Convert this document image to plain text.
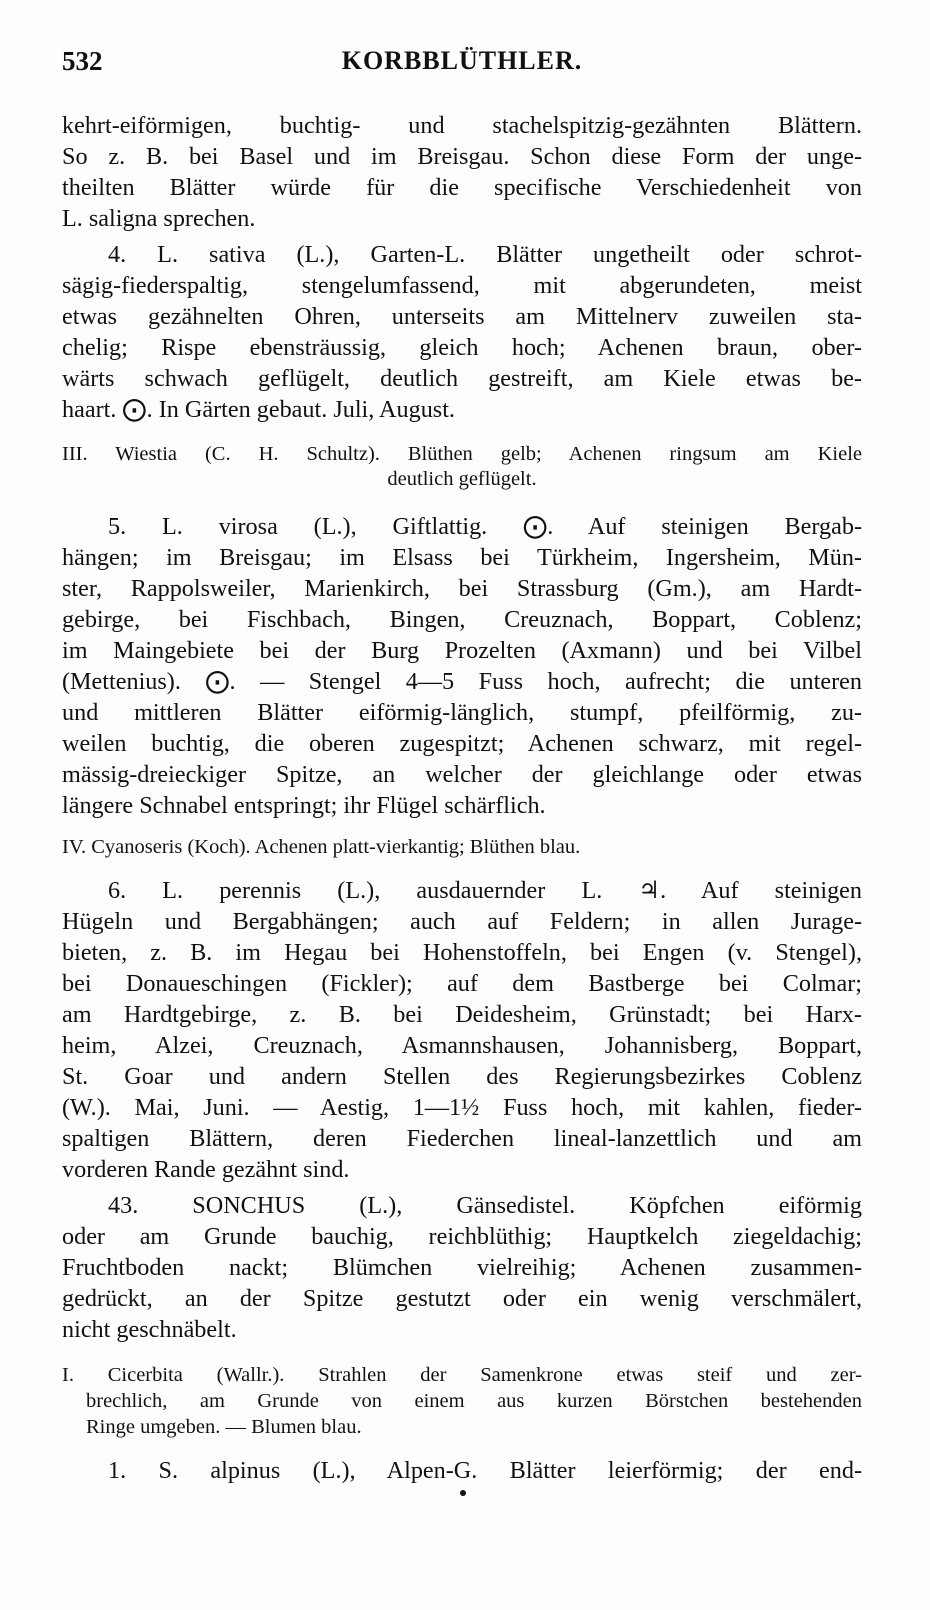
532	KORBBLÜTHLER.
kehrt-eiförmigen, buchtig- und stachelspitzig-gezähnten Blättern.
So z. B. bei Basel und im Breisgau. Schon diese Form der unge-
theilten Blätter würde für die specifische Verschiedenheit von
L. saligna sprechen.
4. L. sativa (L.), Garten-L. Blätter ungetheilt oder schrot-
sägig-fiederspaltig, stengelumfassend, mit abgerundeten, meist
etwas gezähnelten Ohren, unterseits am Mittelnerv zuweilen sta-
chelig; Rispe ebensträussig, gleich hoch; Achenen braun, ober-
wärts schwach geflügelt, deutlich gestreift, am Kiele etwas be-
haart. ⨀. In Gärten gebaut. Juli, August.
III. Wiestia (C. H. Schultz). Blüthen gelb; Achenen ringsum am Kiele
deutlich geflügelt.
5. L. virosa (L.), Giftlattig. ⨀. Auf steinigen Bergab-
hängen; im Breisgau; im Elsass bei Türkheim, Ingersheim, Mün-
ster, Rappolsweiler, Marienkirch, bei Strassburg (Gm.), am Hardt-
gebirge, bei Fischbach, Bingen, Creuznach, Boppart, Coblenz;
im Maingebiete bei der Burg Prozelten (Axmann) und bei Vilbel
(Mettenius). ⨀. — Stengel 4—5 Fuss hoch, aufrecht; die unteren
und mittleren Blätter eiförmig-länglich, stumpf, pfeilförmig, zu-
weilen buchtig, die oberen zugespitzt; Achenen schwarz, mit regel-
mässig-dreieckiger Spitze, an welcher der gleichlange oder etwas
längere Schnabel entspringt; ihr Flügel schärflich.
IV. Cyanoseris (Koch). Achenen platt-vierkantig; Blüthen blau.
6. L. perennis (L.), ausdauernder L. ♃. Auf steinigen
Hügeln und Bergabhängen; auch auf Feldern; in allen Jurage-
bieten, z. B. im Hegau bei Hohenstoffeln, bei Engen (v. Stengel),
bei Donaueschingen (Fickler); auf dem Bastberge bei Colmar;
am Hardtgebirge, z. B. bei Deidesheim, Grünstadt; bei Harx-
heim, Alzei, Creuznach, Asmannshausen, Johannisberg, Boppart,
St. Goar und andern Stellen des Regierungsbezirkes Coblenz
(W.). Mai, Juni. — Aestig, 1—1½ Fuss hoch, mit kahlen, fieder-
spaltigen Blättern, deren Fiederchen lineal-lanzettlich und am
vorderen Rande gezähnt sind.
43. SONCHUS (L.), Gänsedistel. Köpfchen eiförmig
oder am Grunde bauchig, reichblüthig; Hauptkelch ziegeldachig;
Fruchtboden nackt; Blümchen vielreihig; Achenen zusammen-
gedrückt, an der Spitze gestutzt oder ein wenig verschmälert,
nicht geschnäbelt.
I. Cicerbita (Wallr.). Strahlen der Samenkrone etwas steif und zer-
brechlich, am Grunde von einem aus kurzen Börstchen bestehenden
Ringe umgeben. — Blumen blau.
1. S. alpinus (L.), Alpen-G. Blätter leierförmig; der end-
